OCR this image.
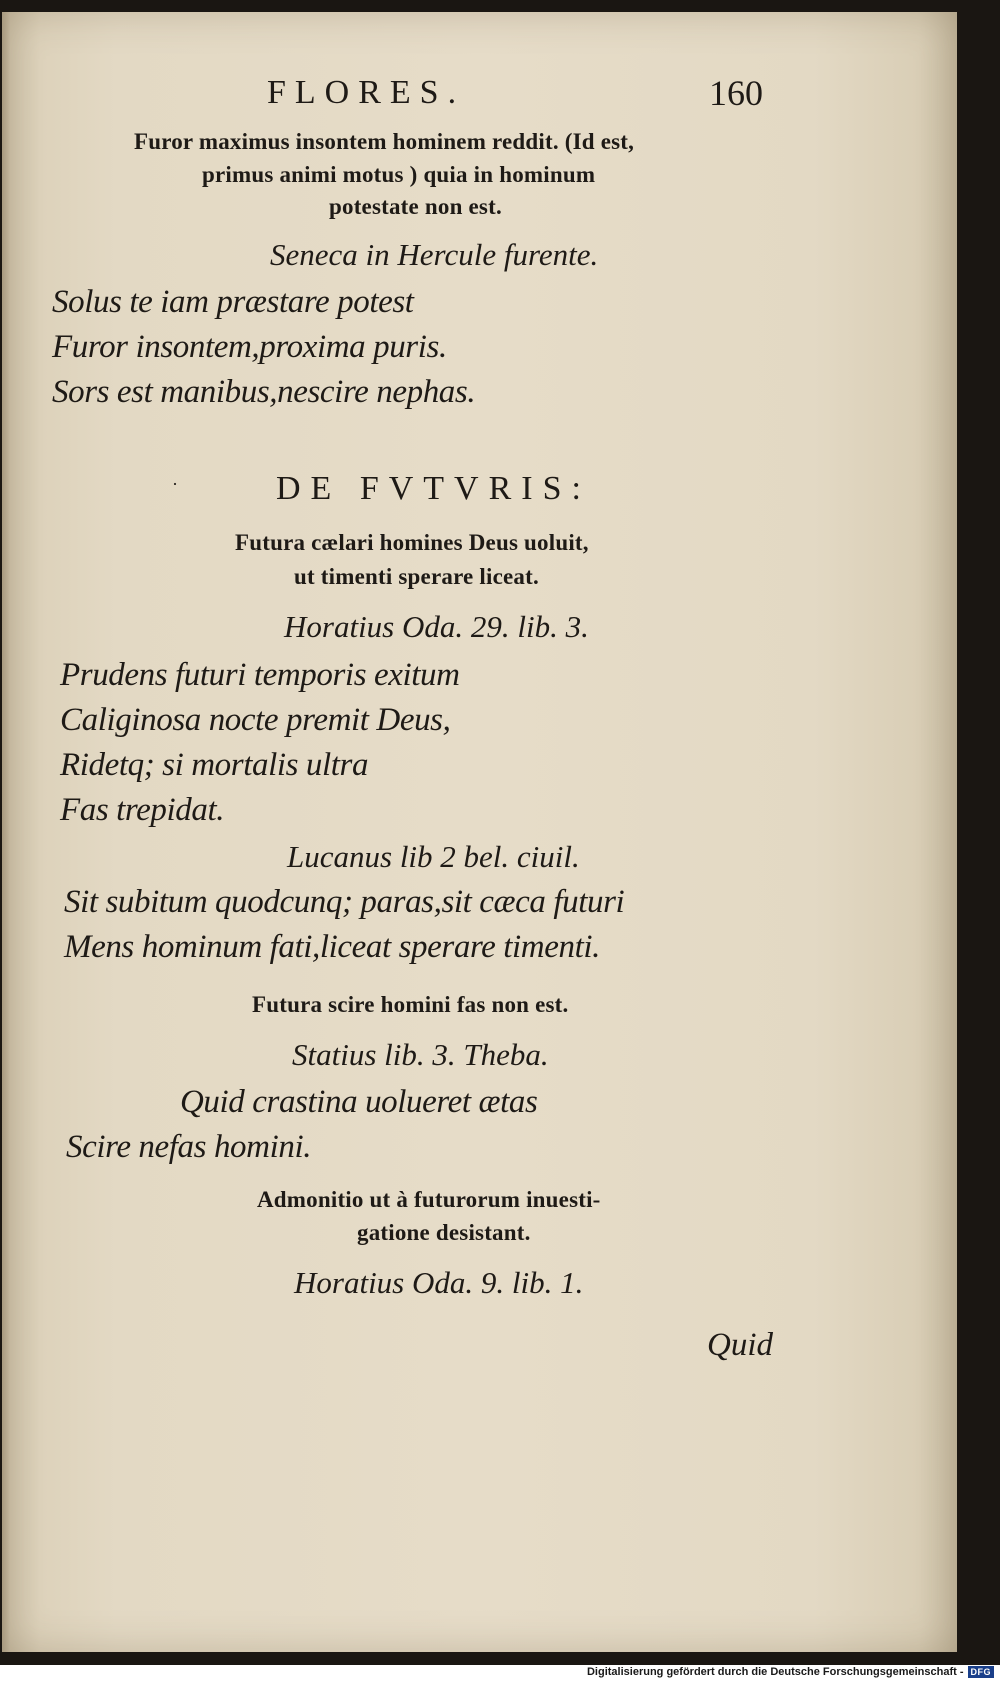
FLORES.	160
Furor maximus insontem hominem reddit. (Id est,
primus animi motus ) quia in hominum
potestate non est.
Seneca in Hercule furente.
Solus te iam præstare potest
Furor insontem,proxima puris.
Sors est manibus,nescire nephas.
·	DE FVTVRIS:
Futura cælari homines Deus uoluit,
ut timenti sperare liceat.
Horatius Oda. 29. lib. 3.
Prudens futuri temporis exitum
Caliginosa nocte premit Deus,
Ridetq; si mortalis ultra
Fas trepidat.
Lucanus lib 2 bel. ciuil.
Sit subitum quodcunq; paras,sit cæca futuri
Mens hominum fati,liceat sperare timenti.
Futura scire homini fas non est.
Statius lib. 3. Theba.
Quid crastina uolueret ætas
Scire nefas homini.
Admonitio ut à futurorum inuesti-
gatione desistant.
Horatius Oda. 9. lib. 1.
Quid
Digitalisierung gefördert durch die Deutsche Forschungsgemeinschaft - DFG
